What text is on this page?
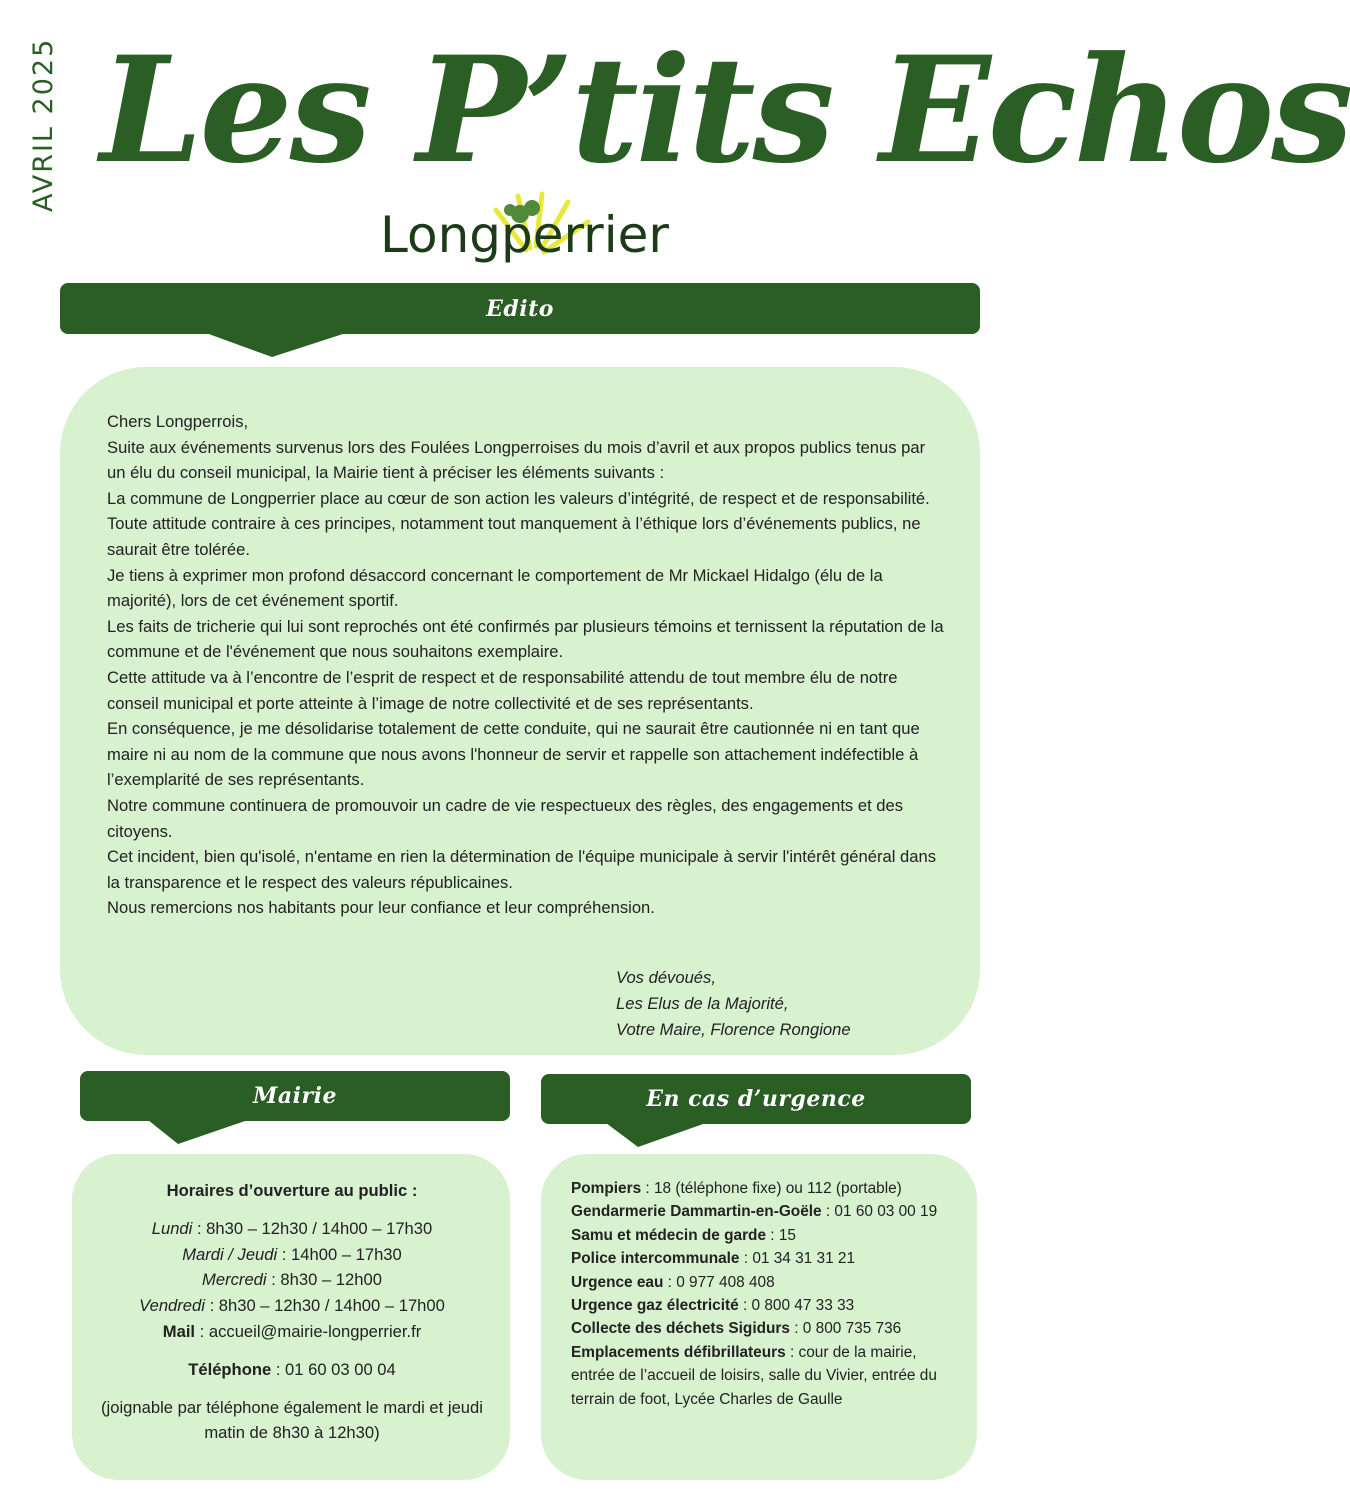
AVRIL 2025 Les P’tits Echos
Longperrier
Edito

Chers Longperrois,

Suite aux événements survenus lors des Foulées Longperroises du mois d’avril et aux propos publics tenus par un élu du conseil municipal, la Mairie tient à préciser les éléments suivants :

La commune de Longperrier place au cœur de son action les valeurs d’intégrité, de respect et de responsabilité. Toute attitude contraire à ces principes, notamment tout manquement à l’éthique lors d’événements publics, ne saurait être tolérée.

Je tiens à exprimer mon profond désaccord concernant le comportement de Mr Mickael Hidalgo (élu de la majorité), lors de cet événement sportif.

Les faits de tricherie qui lui sont reprochés ont été confirmés par plusieurs témoins et ternissent la réputation de la commune et de l'événement que nous souhaitons exemplaire.

Cette attitude va à l’encontre de l’esprit de respect et de responsabilité attendu de tout membre élu de notre conseil municipal et porte atteinte à l’image de notre collectivité et de ses représentants.

En conséquence, je me désolidarise totalement de cette conduite, qui ne saurait être cautionnée ni en tant que maire ni au nom de la commune que nous avons l'honneur de servir et rappelle son attachement indéfectible à l’exemplarité de ses représentants.

Notre commune continuera de promouvoir un cadre de vie respectueux des règles, des engagements et des citoyens.

Cet incident, bien qu'isolé, n'entame en rien la détermination de l'équipe municipale à servir l'intérêt général dans la transparence et le respect des valeurs républicaines.

Nous remercions nos habitants pour leur confiance et leur compréhension.

Vos dévoués,
Les Elus de la Majorité,
Votre Maire, Florence Rongione
Mairie	En cas d’urgence
Horaires d’ouverture au public :
Lundi : 8h30 – 12h30 / 14h00 – 17h30
Mardi / Jeudi : 14h00 – 17h30
Mercredi : 8h30 – 12h00
Vendredi : 8h30 – 12h30 / 14h00 – 17h00
Mail : accueil@mairie-longperrier.fr
Téléphone : 01 60 03 00 04
(joignable par téléphone également le mardi et jeudi matin de 8h30 à 12h30)
Pompiers : 18 (téléphone fixe) ou 112 (portable)
Gendarmerie Dammartin-en-Goële : 01 60 03 00 19
Samu et médecin de garde : 15
Police intercommunale : 01 34 31 31 21
Urgence eau : 0 977 408 408
Urgence gaz électricité : 0 800 47 33 33
Collecte des déchets Sigidurs : 0 800 735 736
Emplacements défibrillateurs : cour de la mairie, entrée de l’accueil de loisirs, salle du Vivier, entrée du terrain de foot, Lycée Charles de Gaulle
